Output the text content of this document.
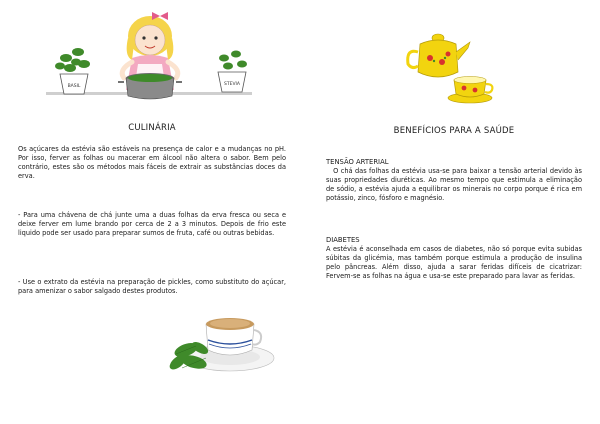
BASIL	STEVIA
CULINÁRIA

Os açúcares da estévia são estáveis na presença de calor e a mudanças no pH. Por isso, ferver as folhas ou macerar em álcool não altera o sabor. Bem pelo contrário, estes são os métodos mais fáceis de extrair as substâncias doces da erva.

- Para uma chávena de chá junte uma a duas folhas da erva fresca ou seca e deixe ferver em lume brando por cerca de 2 a 3 minutos. Depois de frio este liquido pode ser usado para preparar sumos de fruta, café ou outras bebidas.

- Use o extrato da estévia na preparação de pickles, como substituto do açúcar, para amenizar o sabor salgado destes produtos.

BENEFÍCIOS PARA A SAÚDE
TENSÃO ARTERIAL

O chá das folhas da estévia usa-se para baixar a tensão arterial devido às suas propriedades diuréticas. Ao mesmo tempo que estimula a eliminação de sódio, a estévia ajuda a equilibrar os minerais no corpo porque é rica em potássio, zinco, fósforo e magnésio.

DIABETES

A estévia é aconselhada em casos de diabetes, não só porque evita subidas súbitas da glicémia, mas também porque estimula a produção de insulina pelo pâncreas. Além disso, ajuda a sarar feridas difíceis de cicatrizar: Fervem-se as folhas na água e usa-se este preparado para lavar as feridas.
